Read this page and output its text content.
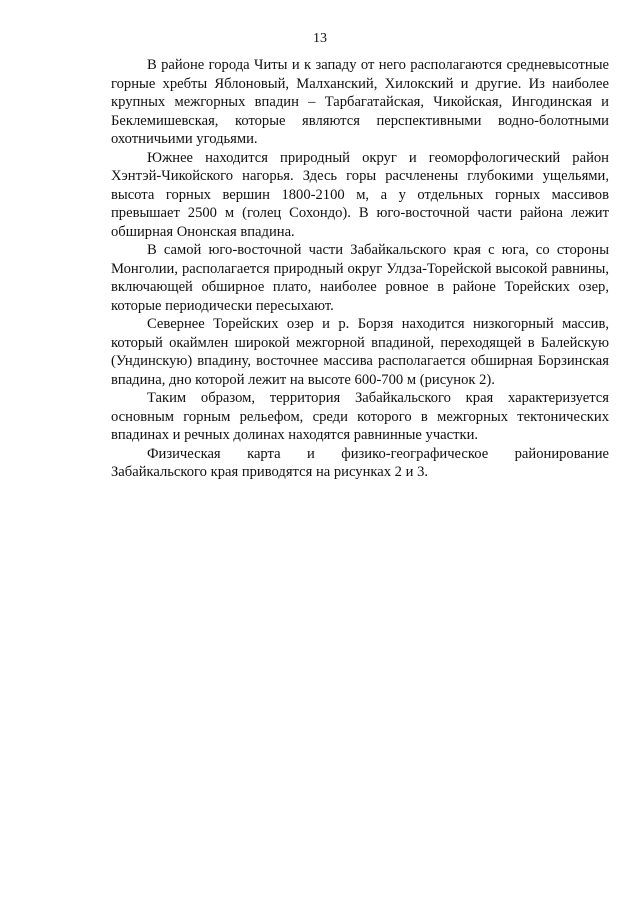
13

В районе города Читы и к западу от него располагаются средневысотные горные хребты Яблоновый, Малханский, Хилокский и другие. Из наиболее крупных межгорных впадин – Тарбагатайская, Чикойская, Ингодинская и Беклемишевская, которые являются перспективными водно-болотными охотничьими угодьями.

Южнее находится природный округ и геоморфологический район Хэнтэй-Чикойского нагорья. Здесь горы расчленены глубокими ущельями, высота горных вершин 1800-2100 м, а у отдельных горных массивов превышает 2500 м (голец Сохондо). В юго-восточной части района лежит обширная Ононская впадина.

В самой юго-восточной части Забайкальского края с юга, со стороны Монголии, располагается природный округ Улдза-Торейской высокой равнины, включающей обширное плато, наиболее ровное в районе Торейских озер, которые периодически пересыхают.

Севернее Торейских озер и р. Борзя находится низкогорный массив, который окаймлен широкой межгорной впадиной, переходящей в Балейскую (Ундинскую) впадину, восточнее массива располагается обширная Борзинская впадина, дно которой лежит на высоте 600-700 м (рисунок 2).

Таким образом, территория Забайкальского края характеризуется основным горным рельефом, среди которого в межгорных тектонических впадинах и речных долинах находятся равнинные участки.

Физическая карта и физико-географическое районирование Забайкальского края приводятся на рисунках 2 и 3.
